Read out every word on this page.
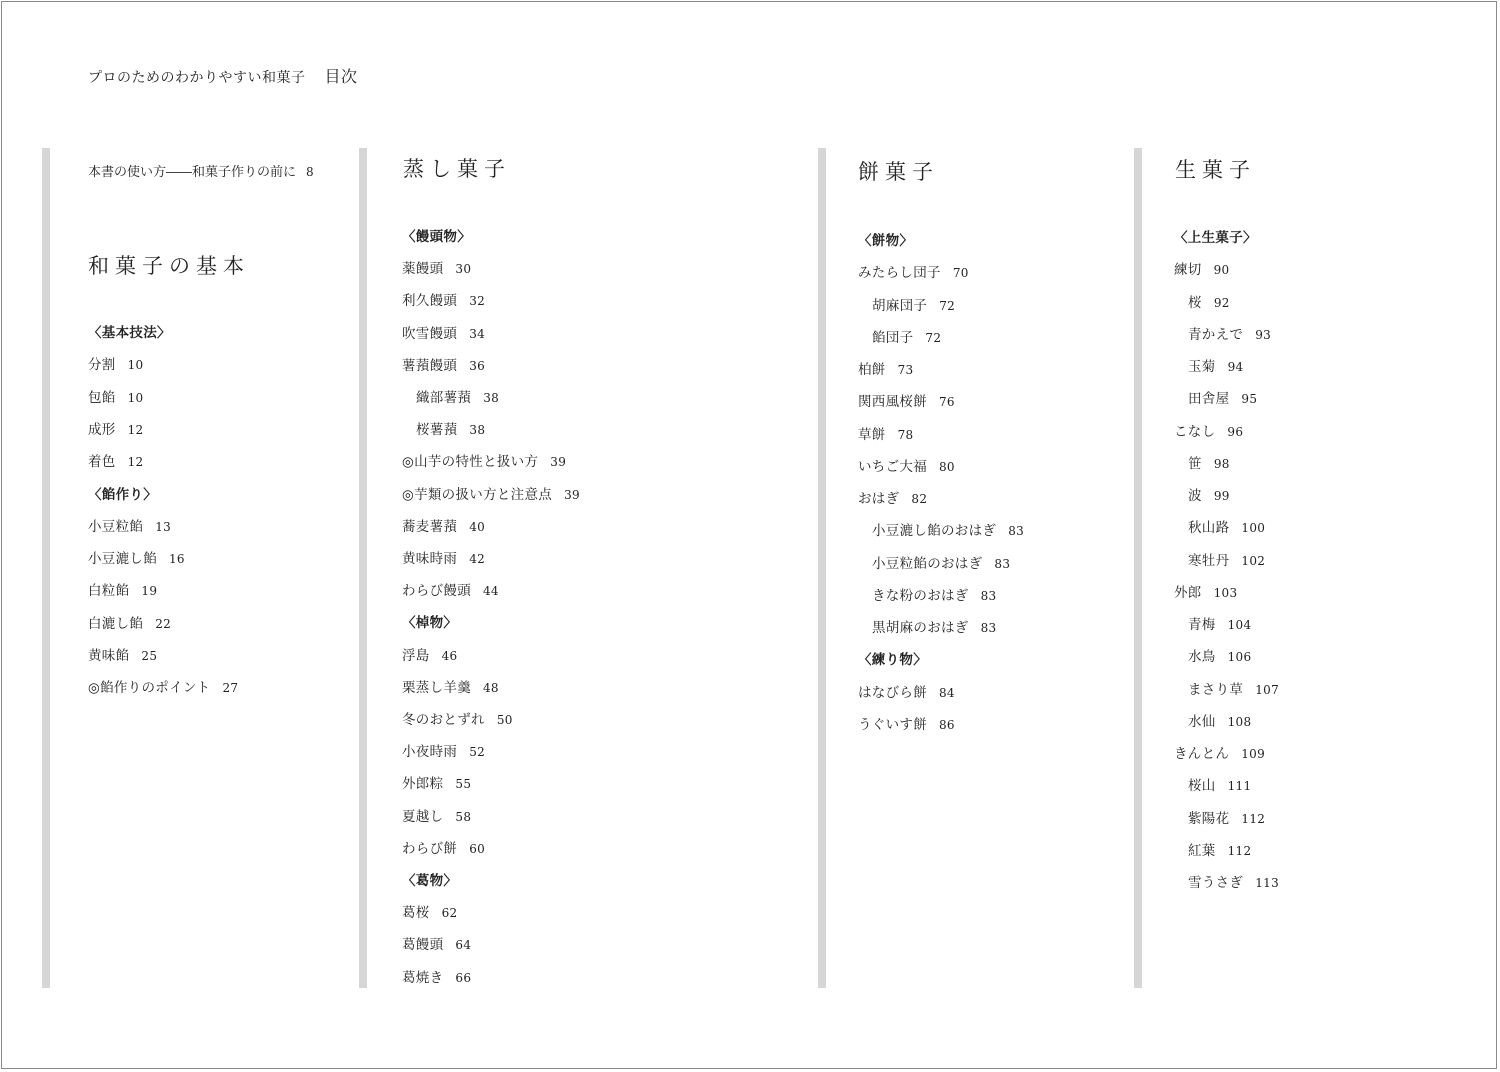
プロのためのわかりやすい和菓子 目次
本書の使い方――和菓子作りの前に 8
和菓子の基本
〈基本技法〉
分割 10
包餡 10
成形 12
着色 12
〈餡作り〉
小豆粒餡 13
小豆漉し餡 16
白粒餡 19
白漉し餡 22
黄味餡 25
◎餡作りのポイント 27
蒸し菓子
〈饅頭物〉
薬饅頭 30
利久饅頭 32
吹雪饅頭 34
薯蕷饅頭 36
織部薯蕷 38
桜薯蕷 38
◎山芋の特性と扱い方 39
◎芋類の扱い方と注意点 39
蕎麦薯蕷 40
黄味時雨 42
わらび饅頭 44
〈棹物〉
浮島 46
栗蒸し羊羹 48
冬のおとずれ 50
小夜時雨 52
外郎粽 55
夏越し 58
わらび餅 60
〈葛物〉
葛桜 62
葛饅頭 64
葛焼き 66
餅菓子
〈餅物〉
みたらし団子 70
胡麻団子 72
餡団子 72
柏餅 73
関西風桜餅 76
草餅 78
いちご大福 80
おはぎ 82
小豆漉し餡のおはぎ 83
小豆粒餡のおはぎ 83
きな粉のおはぎ 83
黒胡麻のおはぎ 83
〈練り物〉
はなびら餅 84
うぐいす餅 86
生菓子
〈上生菓子〉
練切 90
桜 92
青かえで 93
玉菊 94
田舎屋 95
こなし 96
笹 98
波 99
秋山路 100
寒牡丹 102
外郎 103
青梅 104
水鳥 106
まさり草 107
水仙 108
きんとん 109
桜山 111
紫陽花 112
紅葉 112
雪うさぎ 113
